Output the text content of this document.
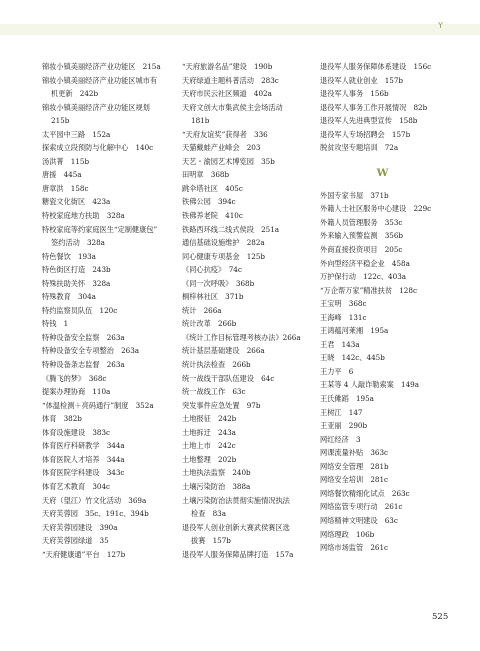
Y
锦妆小镇美丽经济产业功能区　215a
锦妆小镇美丽经济产业功能区城市有
机更新　242b
锦妆小镇美丽经济产业功能区规划
215b
太平园中三路　152a
探索成立段预防与化解中心　140c
汤洪菁　115b
唐援　445a
唐章洪　158c
糖瓷文化街区　423a
特校家庭地方扶助　328a
特校家庭等约家庭医生“定制健康包”
签约活动　328a
特色餐饮　193a
特色街区打造　243b
特殊扶助关怀　328a
特殊教育　304a
特约监察员队伍　120c
特钱　1
特种设备安全监察　263a
特种设备安全专项整治　263a
特种设备条志监督　263a
《腾飞的梦》　368c
提案办理协商　110a
“体温检测＋亮码通行”制度　352a
体育　382b
体育设施建设　383c
体育医疗科研教学　344a
体育医院人才培养　344a
体育医院学科建设　343c
体育艺术教育　304c
天府（望江）竹文化活动　369a
天府芙蓉园　35c、191c、394b
天府芙蓉园建设　390a
天府芙蓉园绿道　35
“天府健康通”平台　127b
“天府旅游名品”建设　190b
天府绿道主题科普活动　283c
天府市民云社区频道　402a
天府文创大市集武侯主会场活动
181b
“天府友谊奖”获得者　336
天猫戴蛙产业峰会　203
天艺・渝园艺术博览园　35b
田明章　368b
跳伞塔社区　405c
铁佛公园　394c
铁佛养老院　410c
铁路西环线二线式侯段　251a
通信基础设施维护　282a
同心健康专项基金　125b
《同心抗疫》　74c
《同一次呼吸》　368b
桐梓林社区　371b
统计　266a
统计改革　266b
《统计工作目标管理考核办法》266a
统计基层基础建设　266a
统计执法检查　266b
统一战线干部队伍建设　64c
统一战线工作　63c
突发事件应急处置　97b
土地报征　242b
土地拆迁　243a
土地上市　242c
土地整理　202b
土地执法监察　240b
土壤污染防治　388a
土壤污染防治法贯彻实施情况执法
检查　83a
退役军人创业创新大赛武侯赛区选
拔赛　157b
退役军人服务保障品牌打造　157a
退役军人服务保障体系建设　156c
退役军人就业创业　157b
退役军人事务　156b
退役军人事务工作开展情况　82b
退役军人先进典型宣传　158b
退役军人专场招聘会　157b
脱贫攻坚专题培训　72a
W
外国专家书屋　371b
外籍人士社区服务中心建设　229c
外籍人员管理服务　353c
外来输入预警监测　356b
外商直接投资项目　205c
外向型经济平稳企业　458a
万护保行动　122c、403a
“万企帮万家”精准扶贫　128c
王宝明　368c
王海峰　131c
王鸿蕴河莱湘　195a
王君　143a
王晓　142c、445b
王力平　6
王某等 4 人敲诈勒索案　149a
王氏傩蹈　195a
王树江　147
王亚丽　290b
网红经济　3
网课流量补贴　363c
网络安全管理　281b
网络安全培训　281c
网络餐饮精细化试点　263c
网络监管专项行动　261c
网络精神文明建设　63c
网络理政　106b
网络市场监管　261c
525
